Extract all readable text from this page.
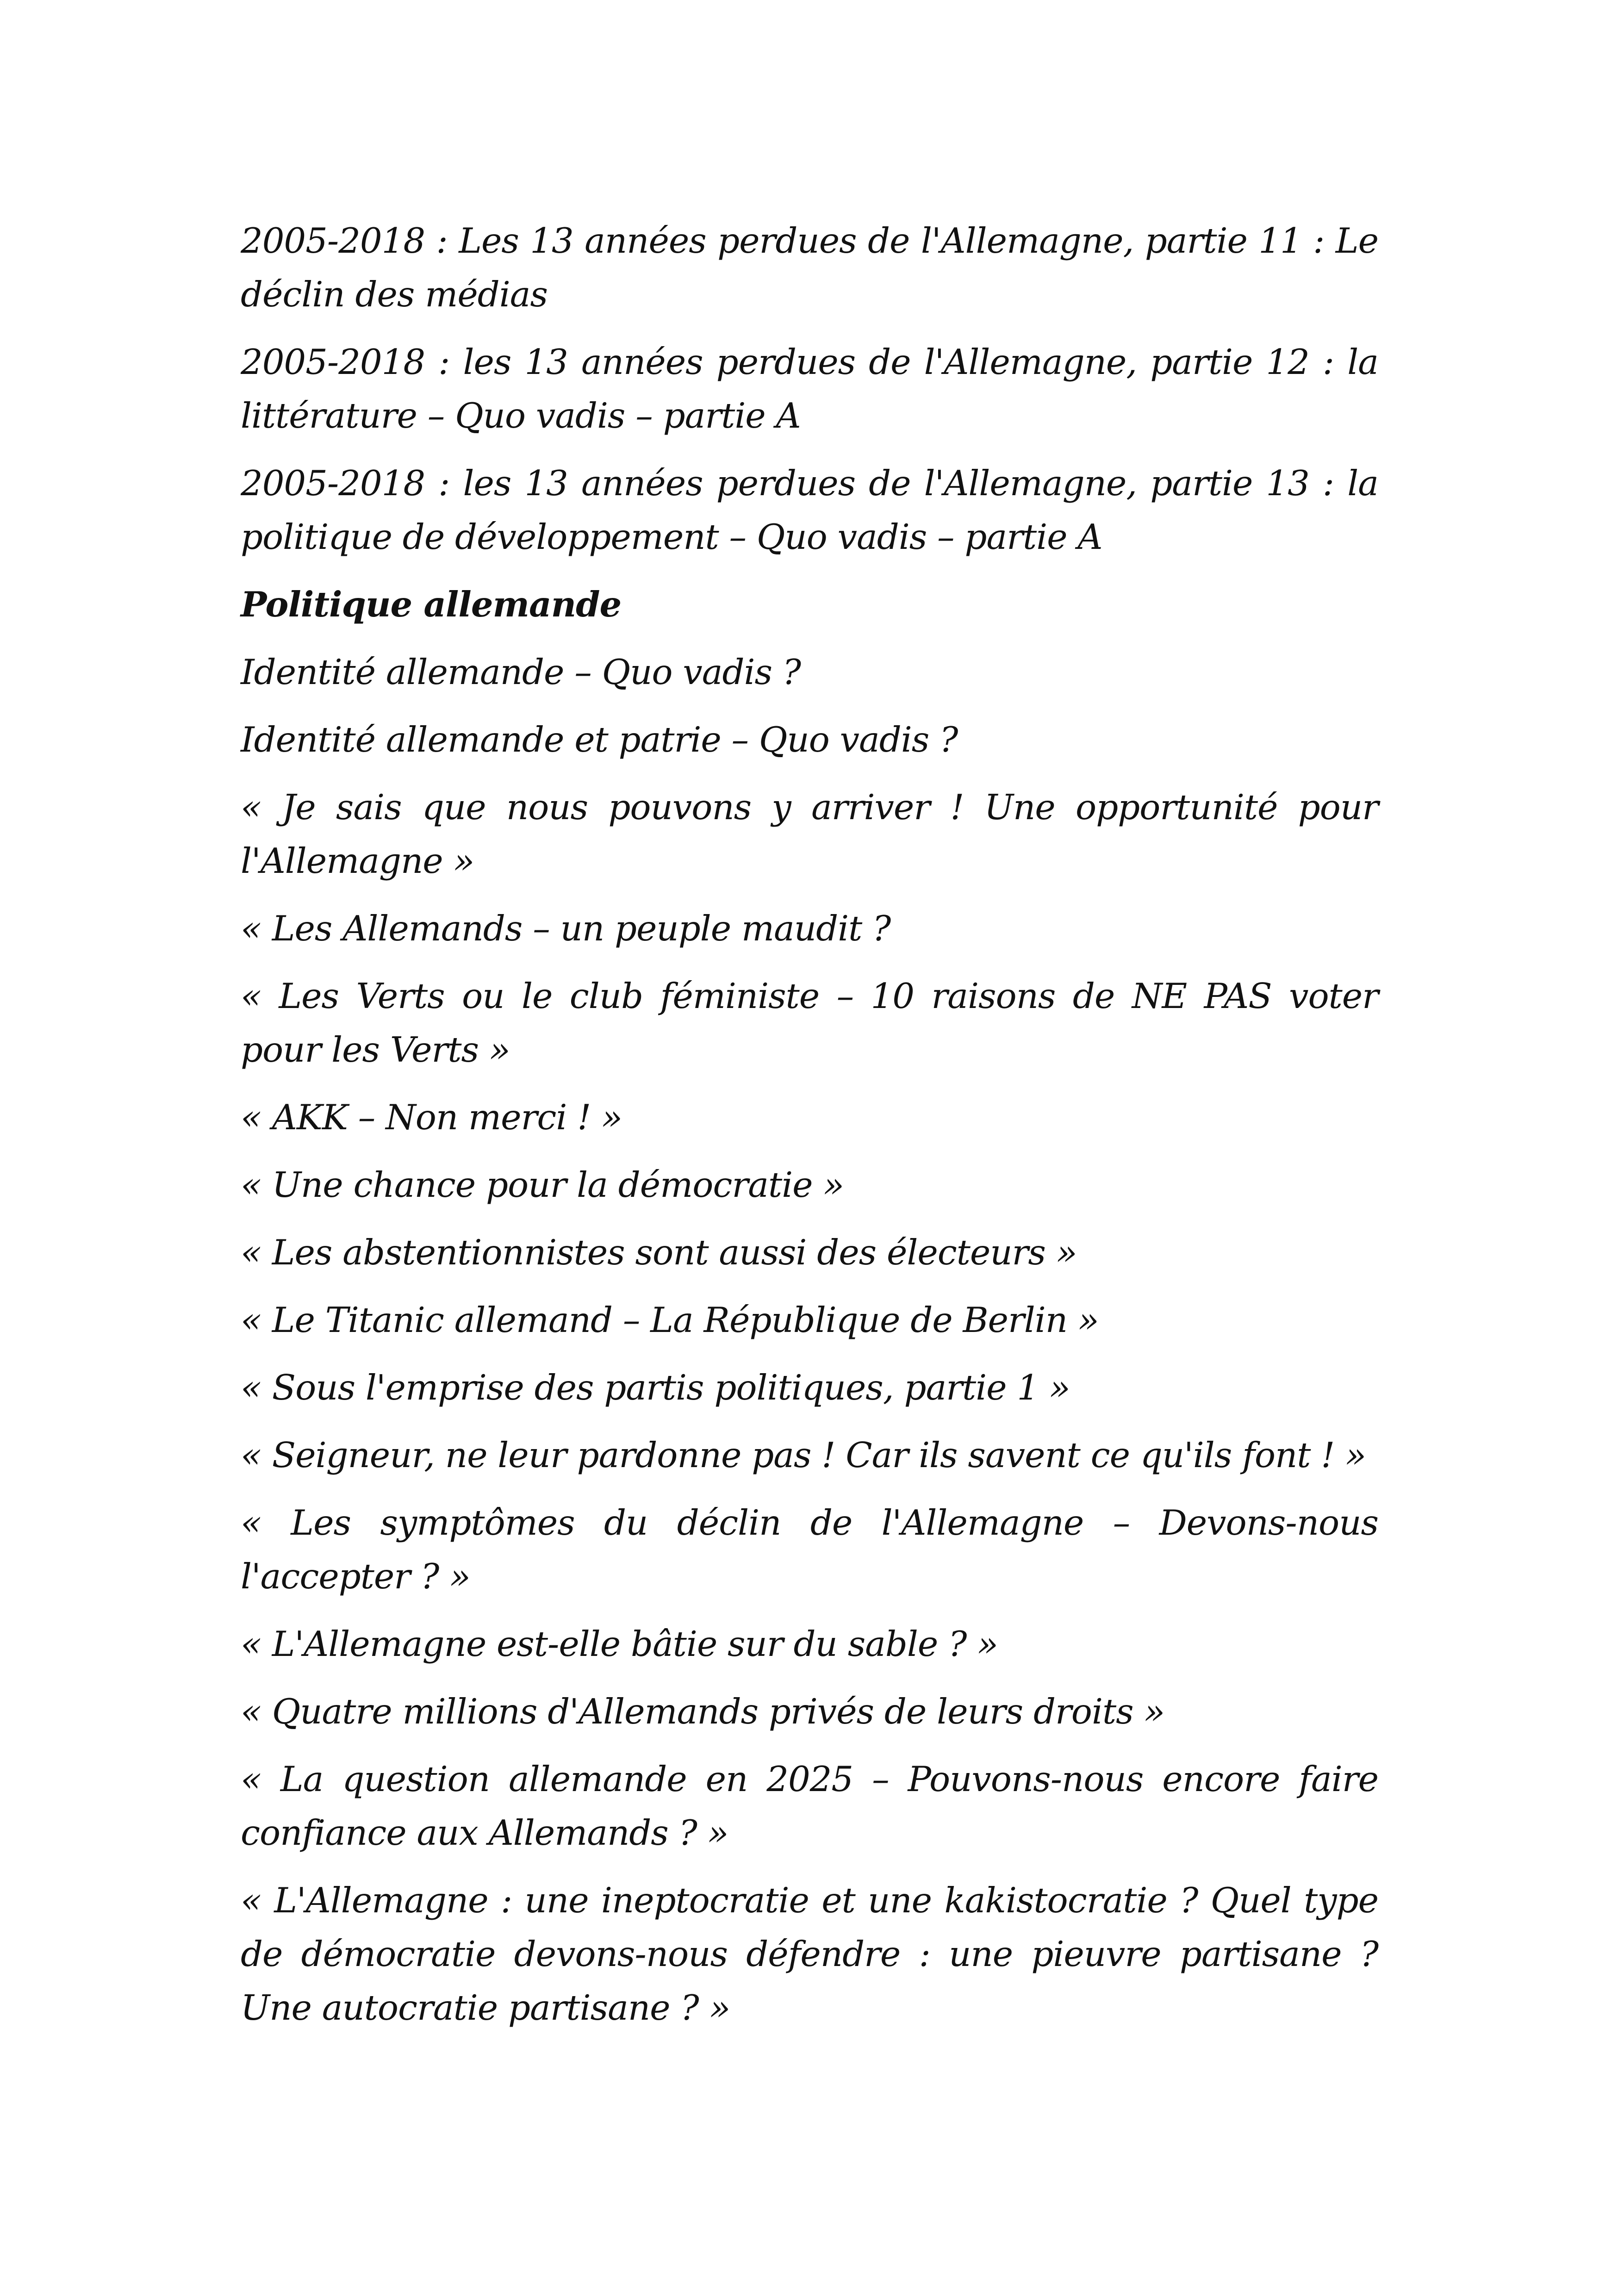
2005-2018 : Les 13 années perdues de l'Allemagne, partie 11 : Le déclin des médias

2005-2018 : les 13 années perdues de l'Allemagne, partie 12 : la littérature – Quo vadis – partie A

2005-2018 : les 13 années perdues de l'Allemagne, partie 13 : la politique de développement – Quo vadis – partie A

Politique allemande

Identité allemande – Quo vadis ?

Identité allemande et patrie – Quo vadis ?

« Je sais que nous pouvons y arriver ! Une opportunité pour l'Allemagne »

« Les Allemands – un peuple maudit ?

« Les Verts ou le club féministe – 10 raisons de NE PAS voter pour les Verts »

« AKK – Non merci ! »

« Une chance pour la démocratie »

« Les abstentionnistes sont aussi des électeurs »

« Le Titanic allemand – La République de Berlin »

« Sous l'emprise des partis politiques, partie 1 »

« Seigneur, ne leur pardonne pas ! Car ils savent ce qu'ils font ! »

« Les symptômes du déclin de l'Allemagne – Devons-nous l'accepter ? »

« L'Allemagne est-elle bâtie sur du sable ? »

« Quatre millions d'Allemands privés de leurs droits »

« La question allemande en 2025 – Pouvons-nous encore faire confiance aux Allemands ? »

« L'Allemagne : une ineptocratie et une kakistocratie ? Quel type de démocratie devons-nous défendre : une pieuvre partisane ? Une autocratie partisane ? »
